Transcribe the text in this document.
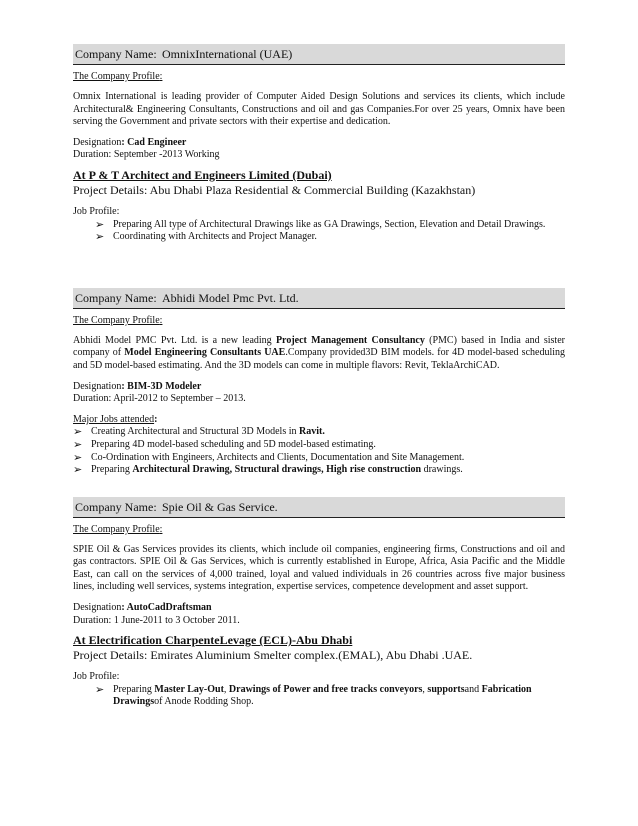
Company Name: OmnixInternational (UAE)
The Company Profile:

Omnix International is leading provider of Computer Aided Design Solutions and services its clients, which include Architectural& Engineering Consultants, Constructions and oil and gas Companies.For over 25 years, Omnix have been serving the Government and private sectors with their expertise and dedication.

Designation: Cad Engineer
Duration: September -2013 Working
At P & T Architect and Engineers Limited (Dubai)
Project Details: Abu Dhabi Plaza Residential & Commercial Building (Kazakhstan)
Job Profile:
➢ Preparing All type of Architectural Drawings like as GA Drawings, Section, Elevation and Detail Drawings.
➢ Coordinating with Architects and Project Manager.
Company Name: Abhidi Model Pmc Pvt. Ltd.
The Company Profile:

Abhidi Model PMC Pvt. Ltd. is a new leading Project Management Consultancy (PMC) based in India and sister company of Model Engineering Consultants UAE.Company provided3D BIM models. for 4D model-based scheduling and 5D model-based estimating. And the 3D models can come in multiple flavors: Revit, TeklaArchiCAD.

Designation: BIM-3D Modeler
Duration: April-2012 to September – 2013.
Major Jobs attended:
➢ Creating Architectural and Structural 3D Models in Ravit.
➢ Preparing 4D model-based scheduling and 5D model-based estimating.
➢ Co-Ordination with Engineers, Architects and Clients, Documentation and Site Management.
➢ Preparing Architectural Drawing, Structural drawings, High rise construction drawings.
Company Name: Spie Oil & Gas Service.
The Company Profile:

SPIE Oil & Gas Services provides its clients, which include oil companies, engineering firms, Constructions and oil and gas contractors. SPIE Oil & Gas Services, which is currently established in Europe, Africa, Asia Pacific and the Middle East, can call on the services of 4,000 trained, loyal and valued individuals in 26 countries across five major business lines, including well services, systems integration, expertise services, competence development and asset support.

Designation: AutoCadDraftsman
Duration: 1 June-2011 to 3 October 2011.
At Electrification CharpenteLevage (ECL)-Abu Dhabi
Project Details: Emirates Aluminium Smelter complex.(EMAL), Abu Dhabi .UAE.
Job Profile:
➢ Preparing Master Lay-Out, Drawings of Power and free tracks conveyors, supportsand Fabrication Drawingsof Anode Rodding Shop.
